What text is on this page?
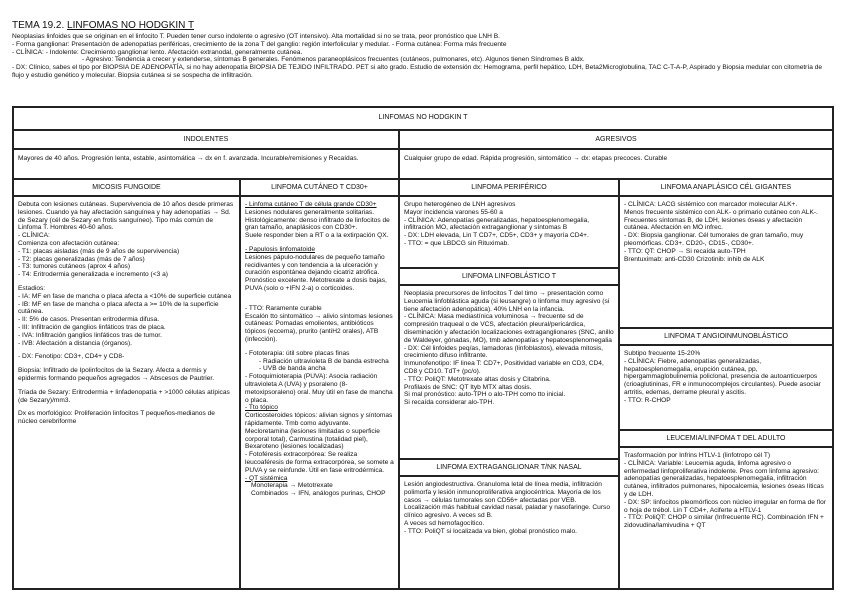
TEMA 19.2. LINFOMAS NO HODGKIN T

Neoplasias linfoides que se originan en el linfocito T. Pueden tener curso indolente o agresivo (OT intensivo). Alta mortalidad si no se trata, peor pronóstico que LNH B.

- Forma ganglionar: Presentación de adenopatías periféricas, crecimiento de la zona T del ganglio: región interfolicular y medular. - Forma cutánea: Forma más frecuente

- CLÍNICA: - Indolente: Crecimiento ganglionar lento. Afectación extranodal, generalmente cutánea.

- Agresivo: Tendencia a crecer y extenderse, síntomas B generales. Fenómenos paraneoplásicos frecuentes (cutáneos, pulmonares, etc). Algunos tienen Síndromes B aldx.

- DX: Clínico, sabes el tipo por BIOPSIA DE ADENOPATÍA, si no hay adenopatía BIOPSIA DE TEJIDO INFILTRADO. PET si alto grado. Estudio de extensión dx: Hemograma, perfil hepático, LDH, Beta2Microglobulina, TAC C-T-A-P, Aspirado y Biopsia medular con citometría de flujo y estudio genético y molecular. Biopsia cutánea si se sospecha de infiltración.

LINFOMAS NO HODGKIN T
INDOLENTES	AGRESIVOS
Mayores de 40 años. Progresión lenta, estable, asintomática → dx en f. avanzada. Incurable/remisiones y Recaídas.	Cualquier grupo de edad. Rápida progresión, sintomático → dx: etapas precoces. Curable
MICOSIS FUNGOIDE

Debuta con lesiones cutáneas. Supervivencia de 10 años desde primeras lesiones. Cuando ya hay afectación sanguínea y hay adenopatías → Sd. de Sezary (cél de Sezary en frotis sanguíneo). Tipo más común de Linfoma T. Hombres 40-60 años.

- CLÍNICA:

Comienza con afectación cutánea:

- T1: placas aisladas (más de 9 años de supervivencia)

- T2: placas generalizadas (más de 7 años)

- T3: tumores cutáneos (aprox 4 años)

- T4: Eritrodermia generalizada e incremento (<3 a)

Estadios:

- IA: MF en fase de mancha o placa afecta a <10% de superficie cutánea

- IB: MF en fase de mancha o placa afecta a >= 10% de la superficie cutánea.

- II: 5% de casos. Presentan eritrodermia difusa.

- III: Infiltración de ganglios linfáticos tras de placa.

- IVA: Infiltración ganglios linfáticos tras de tumor.

- IVB: Afectación a distancia (órganos).

- DX: Fenotipo: CD3+, CD4+ y CD8-

Biopsia: Infiltrado de Ipolinfocitos de la Sezary. Afecta a dermis y epidermis formando pequeños agregados → Abscesos de Pautrier.

Tríada de Sezary: Eritrodermia + linfadenopatía + >1000 células atípicas (de Sezary)/mm3.

Dx es morfológico: Proliferación linfocitos T pequeños-medianos de núcleo cerebriforme

LINFOMA CUTÁNEO T CD30+

- Linfoma cutáneo T de célula grande CD30+

Lesiones nodulares generalmente solitarias. Histológicamente: denso infiltrado de linfocitos de gran tamaño, anaplásicos con CD30+.

Suele responder bien a RT o a la extirpación QX.

- Papulosis linfomatoide

Lesiones pápulo-nodulares de pequeño tamaño recidivantes y con tendencia a la ulceración y curación espontánea dejando cicatriz atrófica. Pronóstico excelente. Metotrexate a dosis bajas, PUVA (solo o +IFN 2-a) o corticoides.

- TTO: Raramente curable

Escalón tto sintomático → alivio síntomas lesiones cutáneas: Pomadas emolientes, antibióticos tópicos (eccema), prurito (antiH2 orales), ATB (infección).

- Fototerapia: útil sobre placas finas

- Radiación ultravioleta B de banda estrecha

- UVB de banda ancha

- Fotoquimioterapia (PUVA): Asocia radiación ultravioleta A (UVA) y psoraleno (8-metoxipsoraleno) oral. Muy útil en fase de mancha o placa.

- Tto tópico

Corticosteroides tópicos: alivian signos y síntomas rápidamente. Tmb como adyuvante. Mecloretamina (lesiones limitadas o superficie corporal total), Carmustina (totalidad piel), Bexaroteno (lesiones localizadas)

- Fotoféresis extracorpórea: Se realiza leucoaféresis de forma extracorpórea, se somete a PUVA y se reinfunde. Útil en fase eritrodérmica.

- QT sistémica

Monoterapia → Metotrexate

Combinados → IFN, análogos purinas, CHOP

LINFOMA PERIFÉRICO

Grupo heterogéneo de LNH agresivos

Mayor incidencia varones 55-60 a

- CLÍNICA: Adenopatías generalizadas, hepatoesplenomegalia, infiltración MO, afectación extraganglionar y síntomas B

- DX: LDH elevada, Lin T CD7+, CD5+, CD3+ y mayoría CD4+.

- TTO: = que LBDCG sin Rituximab.

LINFOMA LINFOBLÁSTICO T

Neoplasia precursores de linfocitos T del timo → presentación como Leucemia linfoblástica aguda (si leusangre) o linfoma muy agresivo (si tiene afectación adenopática). 40% LNH en la infancia.

- CLÍNICA: Masa mediastínica voluminosa → frecuente sd de compresión traqueal o de VCS, afectación pleural/pericárdica, diseminación y afectación localizaciones extraganglionares (SNC, anillo de Waldeyer, gónadas, MO), tmb adenopatías y hepatoesplenomegalia

- DX: Cél linfoides peq/as, lamadoras (linfoblastos), elevada mitosis, crecimiento difuso infiltrante.

Inmunofenotipo: IF linea T: CD7+, Positividad variable en CD3, CD4, CD8 y CD10. TdT+ (pc/o).

- TTO: PoliQT: Metotrexate altas dosis y Citabrina.

Profilaxis de SNC: QT Ityb MTX altas dosis.

Si mal pronóstico: auto-TPH o alo-TPH como tto inicial.

Si recaída considerar alo-TPH.

LINFOMA EXTRAGANGLIONAR T/NK NASAL

Lesión angiodestructiva. Granuloma letal de línea media, infiltración polimorfa y lesión inmunoproliferativa angiocéntrica. Mayoría de los casos → células tumorales son CD56+ afectadas por VEB.

Localización más habitual cavidad nasal, paladar y nasofaringe. Curso clínico agresivo. A veces sd B.

A veces sd hemofagocítico.

- TTO: PoliQT si localizada va bien, global pronóstico malo.

LINFOMA ANAPLÁSICO CÉL GIGANTES

- CLÍNICA: LACG sistémico con marcador molecular ALK+.

Menos frecuente sistémico con ALK- o primario cutáneo con ALK-.

Frecuentes síntomas B, de LDH, lesiones óseas y afectación cutánea. Afectación en MO infrec.

- DX: Biopsia ganglionar. Cél tumorales de gran tamaño, muy pleomórficas. CD3+. CD20-, CD15-, CD30+.

- TTO: QT: CHOP → Si recaída auto-TPH

Brentuximab: anti-CD30 Crizotinib: inhib de ALK

LINFOMA T ANGIOINMUNOBLÁSTICO

Subtipo frecuente 15-20%

- CLÍNICA: Fiebre, adenopatías generalizadas, hepatoesplenomegalia, erupción cutánea, pp, hipergammaglobulinemia policlonal, presencia de autoanticuerpos (crioaglutininas, FR e inmunocomplejos circulantes). Puede asociar artritis, edemas, derrame pleural y ascitis.

- TTO: R-CHOP

LEUCEMIA/LINFOMA T DEL ADULTO

Trasformación por Infrins HTLV-1 (linfotropo cél T)

- CLÍNICA: Variable: Leucemia aguda, linfoma agresivo o enfermedad linfoproliferativa indolente. Pres com linfoma agresivo: adenopatías generalizadas, hepatoesplenomegalia, infiltración cutánea, infiltrados pulmonares, hipocalcemia, lesiones óseas líticas y de LDH.

- DX: SP: linfocitos pleomórficos con núcleo irregular en forma de flor o hoja de trébol. Lin T CD4+, Aciferte a HTLV-1

- TTO: PoliQT: CHOP o similar (Infrecuente RC). Combinación IFN + zidovudina/lamivudina + QT
